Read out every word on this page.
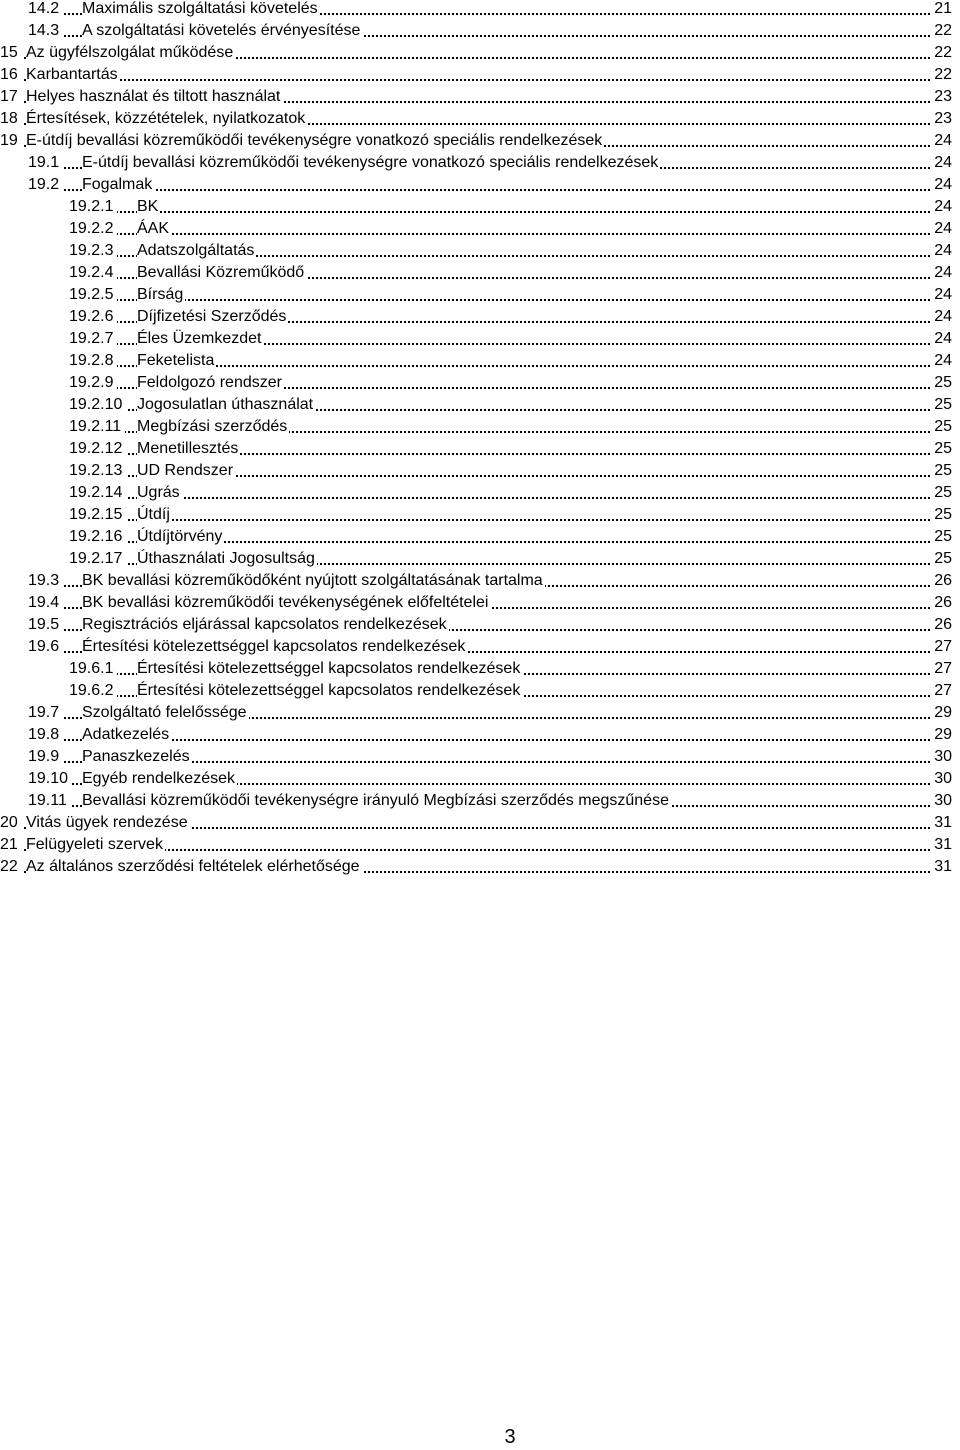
14.2 Maximális szolgáltatási követelés	21
14.3 A szolgáltatási követelés érvényesítése	22
15 Az ügyfélszolgálat működése	22
16 Karbantartás	22
17 Helyes használat és tiltott használat	23
18 Értesítések, közzétételek, nyilatkozatok	23
19 E-útdíj bevallási közreműködői tevékenységre vonatkozó speciális rendelkezések	24
19.1 E-útdíj bevallási közreműködői tevékenységre vonatkozó speciális rendelkezések	24
19.2 Fogalmak	24
19.2.1 BK	24
19.2.2 ÁAK	24
19.2.3 Adatszolgáltatás	24
19.2.4 Bevallási Közreműködő	24
19.2.5 Bírság	24
19.2.6 Díjfizetési Szerződés	24
19.2.7 Éles Üzemkezdet	24
19.2.8 Feketelista	24
19.2.9 Feldolgozó rendszer	25
19.2.10 Jogosulatlan úthasználat	25
19.2.11 Megbízási szerződés	25
19.2.12 Menetillesztés	25
19.2.13 UD Rendszer	25
19.2.14 Ugrás	25
19.2.15 Útdíj	25
19.2.16 Útdíjtörvény	25
19.2.17 Úthasználati Jogosultság	25
19.3 BK bevallási közreműködőként nyújtott szolgáltatásának tartalma	26
19.4 BK bevallási közreműködői tevékenységének előfeltételei	26
19.5 Regisztrációs eljárással kapcsolatos rendelkezések	26
19.6 Értesítési kötelezettséggel kapcsolatos rendelkezések	27
19.6.1 Értesítési kötelezettséggel kapcsolatos rendelkezések	27
19.6.2 Értesítési kötelezettséggel kapcsolatos rendelkezések	27
19.7 Szolgáltató felelőssége	29
19.8 Adatkezelés	29
19.9 Panaszkezelés	30
19.10 Egyéb rendelkezések	30
19.11 Bevallási közreműködői tevékenységre irányuló Megbízási szerződés megszűnése	30
20 Vitás ügyek rendezése	31
21 Felügyeleti szervek	31
22 Az általános szerződési feltételek elérhetősége	31
3
